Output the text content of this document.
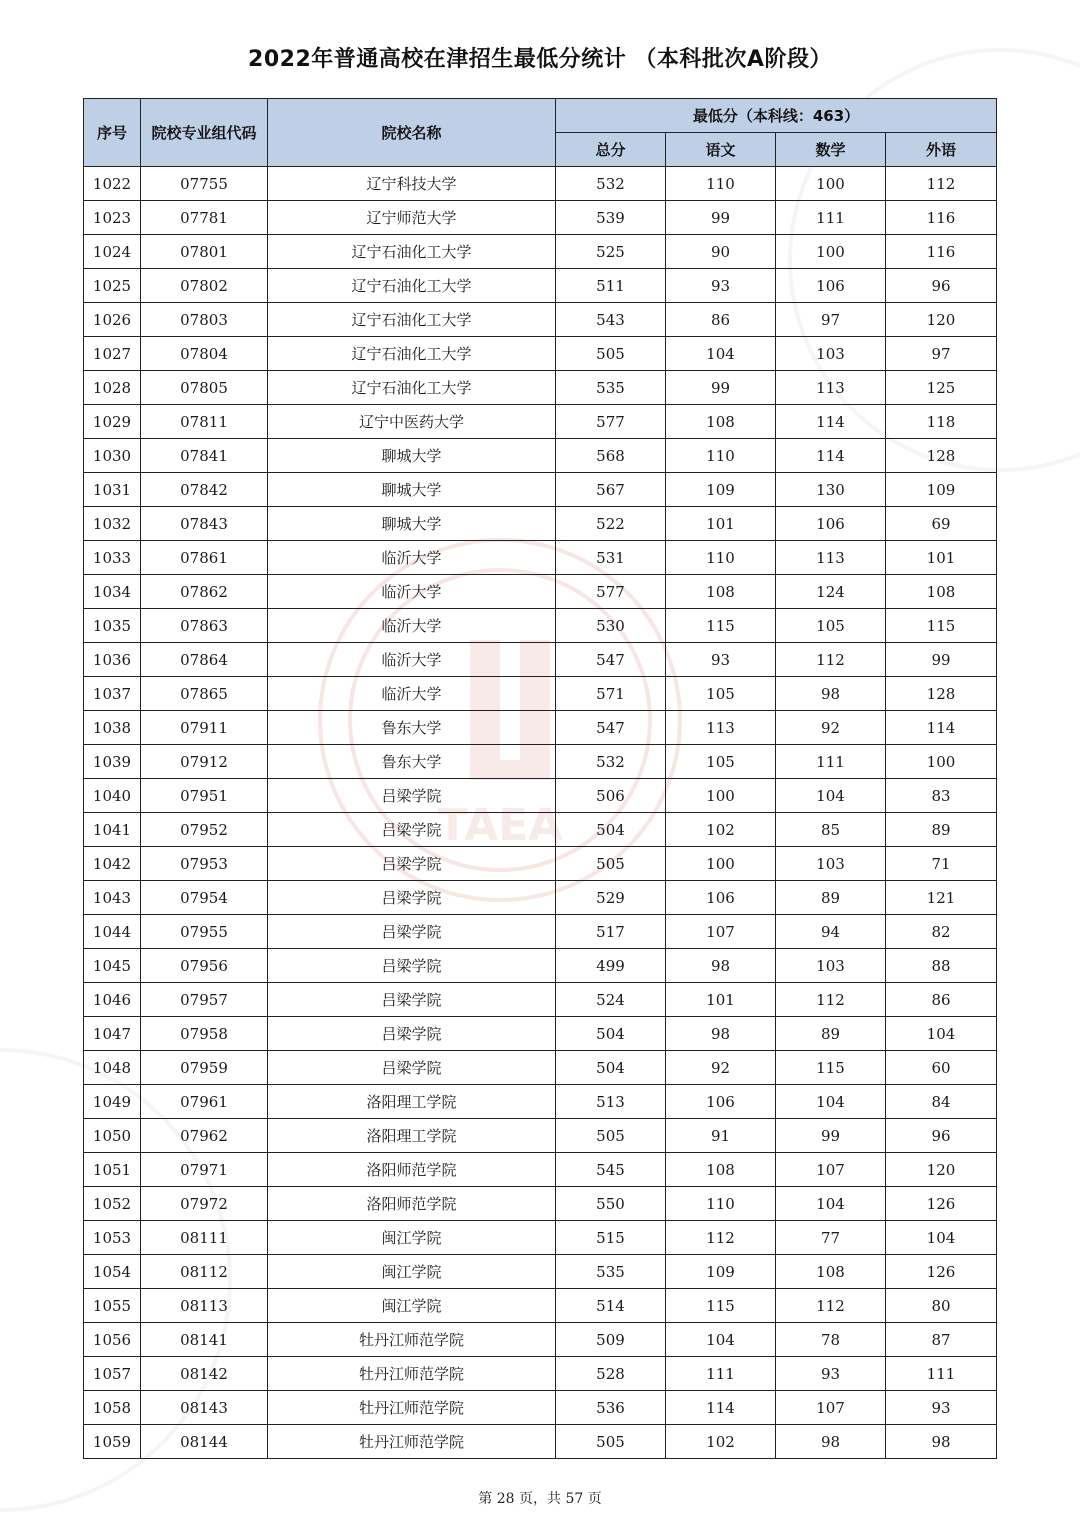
TAEA
2022年普通高校在津招生最低分统计 （本科批次A阶段）
序号	院校专业组代码	院校名称	最低分（本科线：463）			
			总分	语文	数学	外语
1022	07755	辽宁科技大学	532	110	100	112
1023	07781	辽宁师范大学	539	99	111	116
1024	07801	辽宁石油化工大学	525	90	100	116
1025	07802	辽宁石油化工大学	511	93	106	96
1026	07803	辽宁石油化工大学	543	86	97	120
1027	07804	辽宁石油化工大学	505	104	103	97
1028	07805	辽宁石油化工大学	535	99	113	125
1029	07811	辽宁中医药大学	577	108	114	118
1030	07841	聊城大学	568	110	114	128
1031	07842	聊城大学	567	109	130	109
1032	07843	聊城大学	522	101	106	69
1033	07861	临沂大学	531	110	113	101
1034	07862	临沂大学	577	108	124	108
1035	07863	临沂大学	530	115	105	115
1036	07864	临沂大学	547	93	112	99
1037	07865	临沂大学	571	105	98	128
1038	07911	鲁东大学	547	113	92	114
1039	07912	鲁东大学	532	105	111	100
1040	07951	吕梁学院	506	100	104	83
1041	07952	吕梁学院	504	102	85	89
1042	07953	吕梁学院	505	100	103	71
1043	07954	吕梁学院	529	106	89	121
1044	07955	吕梁学院	517	107	94	82
1045	07956	吕梁学院	499	98	103	88
1046	07957	吕梁学院	524	101	112	86
1047	07958	吕梁学院	504	98	89	104
1048	07959	吕梁学院	504	92	115	60
1049	07961	洛阳理工学院	513	106	104	84
1050	07962	洛阳理工学院	505	91	99	96
1051	07971	洛阳师范学院	545	108	107	120
1052	07972	洛阳师范学院	550	110	104	126
1053	08111	闽江学院	515	112	77	104
1054	08112	闽江学院	535	109	108	126
1055	08113	闽江学院	514	115	112	80
1056	08141	牡丹江师范学院	509	104	78	87
1057	08142	牡丹江师范学院	528	111	93	111
1058	08143	牡丹江师范学院	536	114	107	93
1059	08144	牡丹江师范学院	505	102	98	98
第 28 页，共 57 页
